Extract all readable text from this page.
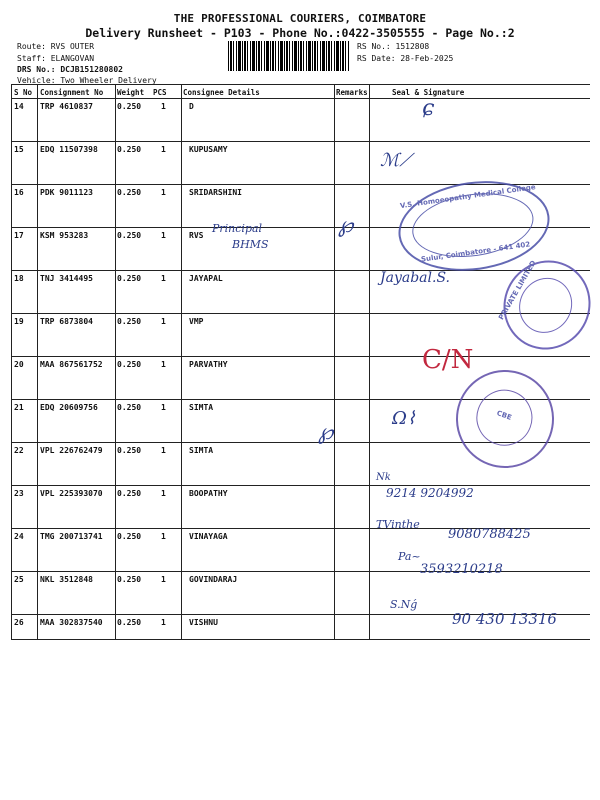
THE PROFESSIONAL COURIERS, COIMBATORE
Delivery Runsheet - P103 - Phone No.:0422-3505555 - Page No.:2
Route: RVS OUTER
Staff: ELANGOVAN
DRS No.: DCJB151280802
Vehicle: Two Wheeler Delivery
RS No.: 1512808
RS Date: 28-Feb-2025
S No Consignment No Weight PCS Consignee Details	Remarks	Seal & Signature
14 TRP 4610837	0.250 1	D
15 EDQ 11507398 0.250 1	KUPUSAMY
16 PDK 9011123	0.250 1	SRIDARSHINI
17 KSM 953283	0.250 1	RVS
18 TNJ 3414495	0.250 1	JAYAPAL
19 TRP 6873804	0.250 1	VMP
20 MAA 867561752 0.250 1	PARVATHY
21 EDQ 20609756 0.250 1	SIMTA
22 VPL 226762479 0.250 1	SIMTA
23 VPL 225393070 0.250 1	BOOPATHY
24 TMG 200713741 0.250 1	VINAYAGA
25 NKL 3512848	0.250 1	GOVINDARAJ
26 MAA 302837540 0.250 1	VISHNU
ɕ
ℳ⟋
Principal
BHMS
℘
Jayabal.S.
C/N
Ω⌇
℘
Nk
9214 9204992
TVinthe
9080788425
Pa~
3593210218
S.Nǵ
90 430 13316
V.S. Homoeopathy Medical College
Sulur, Coimbatore - 641 402
PRIVATE LIMITED
CBE
